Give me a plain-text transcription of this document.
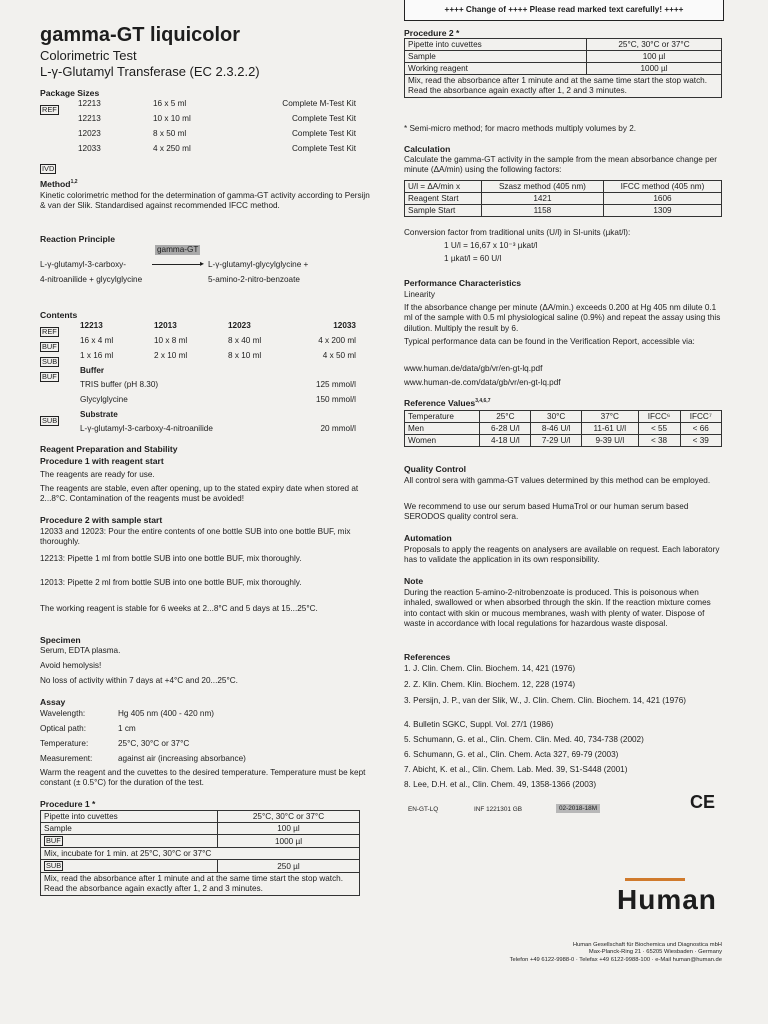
++++ Change of ++++ Please read marked text carefully! ++++
gamma-GT liquicolor
Colorimetric Test
L-γ-Glutamyl Transferase (EC 2.3.2.2)
Package Sizes
REF
12213	16 x 5 ml	Complete M-Test Kit
12213	10 x 10 ml	Complete Test Kit
12023	8 x 50 ml	Complete Test Kit
12033	4 x 250 ml	Complete Test Kit
IVD
Method$^{1,2}$
Kinetic colorimetric method for the determination of gamma-GT activity according to Persijn & van der Slik. Standardised against recommended IFCC method.
Reaction Principle
gamma-GT
L-γ-glutamyl-3-carboxy-
4-nitroanilide + glycylglycine
▸ L-γ-glutamyl-glycylglycine +
5-amino-2-nitro-benzoate
Contents
REF
12213	12013	12023	12033
BUF
16 x 4 ml	10 x 8 ml	8 x 40 ml	4 x 200 ml
SUB
1 x 16 ml	2 x 10 ml	8 x 10 ml	4 x 50 ml
BUF
Buffer
TRIS buffer (pH 8.30)	125 mmol/l
Glycylglycine	150 mmol/l
SUB
Substrate
L-γ-glutamyl-3-carboxy-4-nitroanilide	20 mmol/l
Reagent Preparation and Stability
Procedure 1 with reagent start
The reagents are ready for use.
The reagents are stable, even after opening, up to the stated expiry date when stored at 2...8°C. Contamination of the reagents must be avoided!
Procedure 2 with sample start
12033 and 12023: Pour the entire contents of one bottle SUB into one bottle BUF, mix thoroughly.
12213: Pipette 1 ml from bottle SUB into one bottle BUF, mix thoroughly.
12013: Pipette 2 ml from bottle SUB into one bottle BUF, mix thoroughly.
The working reagent is stable for 6 weeks at 2...8°C and 5 days at 15...25°C.
Specimen
Serum, EDTA plasma.
Avoid hemolysis!
No loss of activity within 7 days at +4°C and 20...25°C.
Assay
Wavelength:	Hg 405 nm (400 - 420 nm)
Optical path:	1 cm
Temperature:	25°C, 30°C or 37°C
Measurement:	against air (increasing absorbance)
Warm the reagent and the cuvettes to the desired temperature. Temperature must be kept constant (± 0.5°C) for the duration of the test.
Procedure 1 *
Pipette into cuvettes	25°C, 30°C or 37°C
Sample	100 µl
BUF	1000 µl
Mix, incubate for 1 min. at 25°C, 30°C or 37°C	
SUB	250 µl
Mix, read the absorbance after 1 minute and at the same time start the stop watch. Read the absorbance again exactly after 1, 2 and 3 minutes.	
Procedure 2 *
Pipette into cuvettes	25°C, 30°C or 37°C
Sample	100 µl
Working reagent	1000 µl
Mix, read the absorbance after 1 minute and at the same time start the stop watch. Read the absorbance again exactly after 1, 2 and 3 minutes.	
* Semi-micro method; for macro methods multiply volumes by 2.
Calculation
Calculate the gamma-GT activity in the sample from the mean absorbance change per minute (ΔA/min) using the following factors:
U/l = ΔA/min x	Szasz method (405 nm)	IFCC method (405 nm)
Reagent Start	1421	1606
Sample Start	1158	1309
Conversion factor from traditional units (U/l) in SI-units (µkat/l):
1 U/l = 16,67 x 10⁻³ µkat/l
1 µkat/l = 60 U/l
Performance Characteristics
Linearity
If the absorbance change per minute (ΔA/min.) exceeds 0.200 at Hg 405 nm dilute 0.1 ml of the sample with 0.5 ml physiological saline (0.9%) and repeat the assay using this dilution. Multiply the result by 6.
Typical performance data can be found in the Verification Report, accessible via:
www.human.de/data/gb/vr/en-gt-lq.pdf
www.human-de.com/data/gb/vr/en-gt-lq.pdf
Reference Values$^{3,4,6,7}$
Temperature	25°C	30°C	37°C	IFCC⁶	IFCC⁷
Men	6-28 U/l	8-46 U/l	11-61 U/l	< 55	< 66
Women	4-18 U/l	7-29 U/l	9-39 U/l	< 38	< 39
Quality Control
All control sera with gamma-GT values determined by this method can be employed.
We recommend to use our serum based HumaTrol or our human serum based SERODOS quality control sera.
Automation
Proposals to apply the reagents on analysers are available on request. Each laboratory has to validate the application in its own responsibility.
Note
During the reaction 5-amino-2-nitrobenzoate is produced. This is poisonous when inhaled, swallowed or when absorbed through the skin. If the reaction mixture comes into contact with skin or mucous membranes, wash with plenty of water. Dispose of waste in accordance with local regulations for hazardous waste disposal.
References
1. J. Clin. Chem. Clin. Biochem. 14, 421 (1976)
2. Z. Klin. Chem. Klin. Biochem. 12, 228 (1974)
3. Persijn, J. P., van der Slik, W., J. Clin. Chem. Clin. Biochem. 14, 421 (1976)
4. Bulletin SGKC, Suppl. Vol. 27/1 (1986)
5. Schumann, G. et al., Clin. Chem. Clin. Med. 40, 734-738 (2002)
6. Schumann, G. et al., Clin. Chem. Acta 327, 69-79 (2003)
7. Abicht, K. et al., Clin. Chem. Lab. Med. 39, S1-S448 (2001)
8. Lee, D.H. et al., Clin. Chem. 49, 1358-1366 (2003)
EN-GT-LQ	INF 1221301 GB	02-2018-18M	CE
Human
Human Gesellschaft für Biochemica und Diagnostica mbH
Max-Planck-Ring 21 · 65205 Wiesbaden · Germany
Telefon +49 6122-9988-0 · Telefax +49 6122-9988-100 · e-Mail human@human.de
